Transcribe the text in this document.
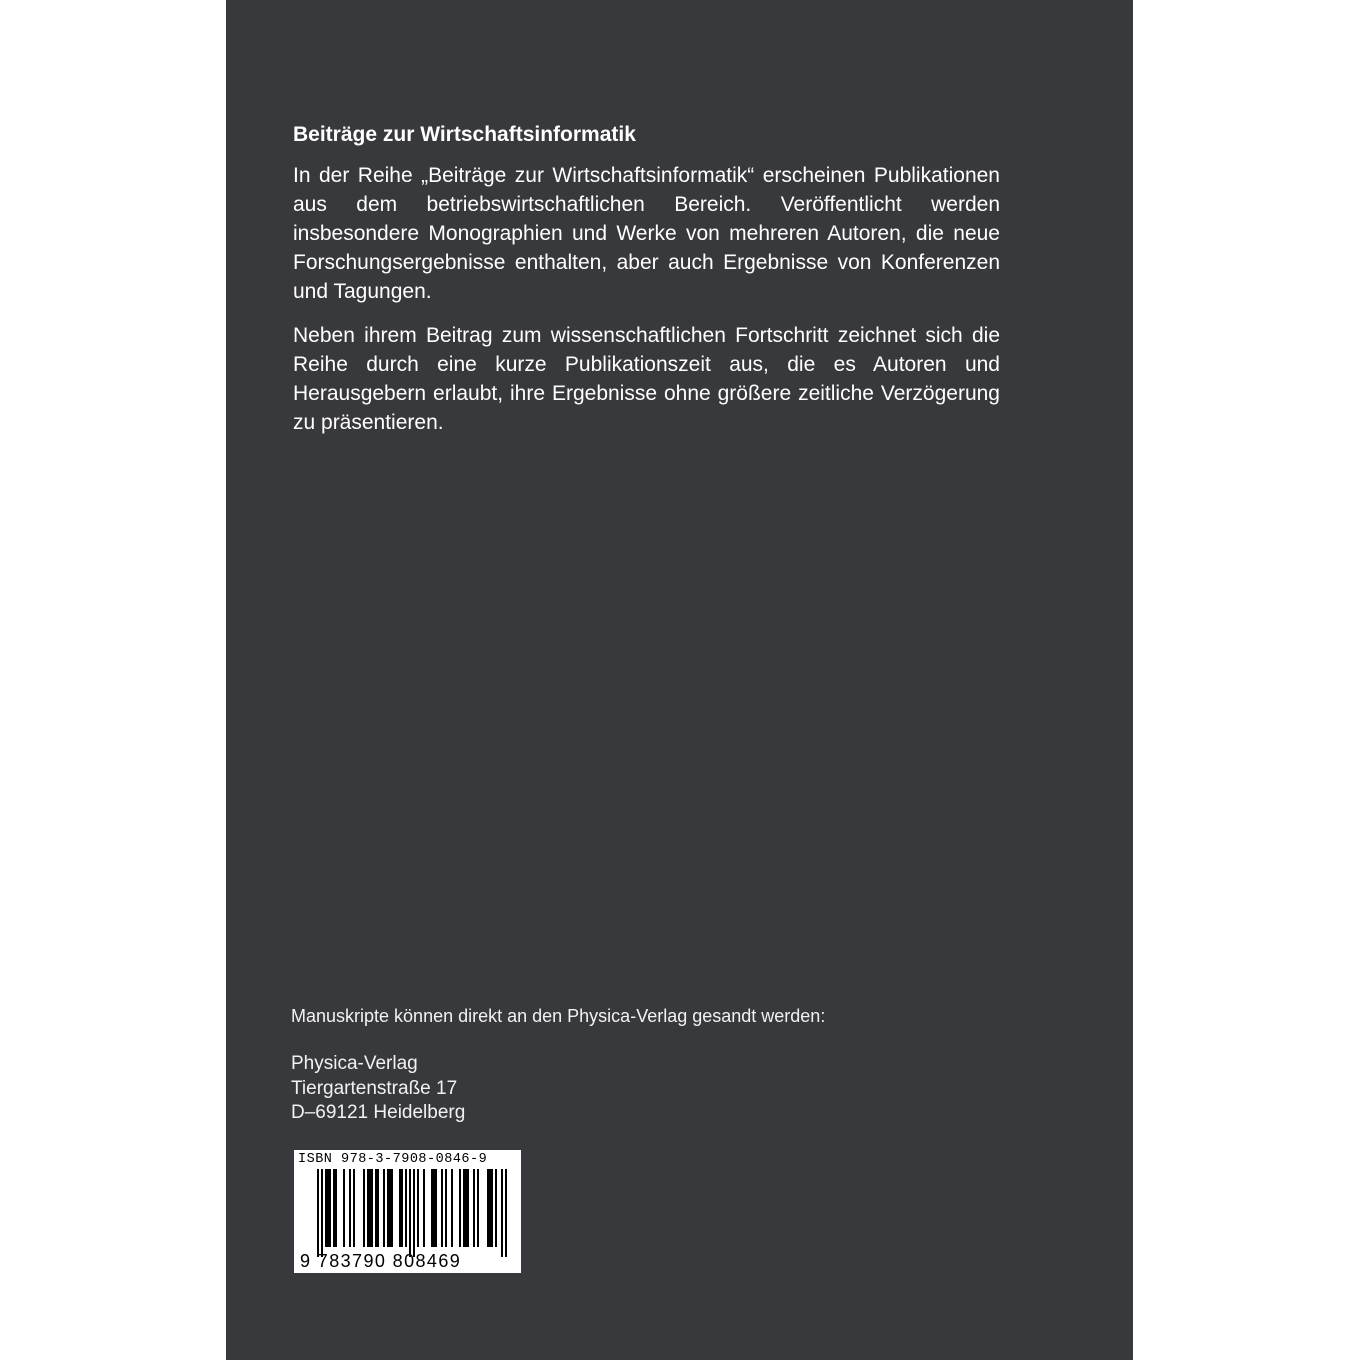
Beiträge zur Wirtschaftsinformatik

In der Reihe „Beiträge zur Wirtschaftsinformatik“ erscheinen Publikationen aus dem betriebswirtschaftlichen Bereich. Veröffentlicht werden insbesondere Monographien und Werke von mehreren Autoren, die neue Forschungsergebnisse enthalten, aber auch Ergebnisse von Konferenzen und Tagungen.

Neben ihrem Beitrag zum wissenschaftlichen Fortschritt zeichnet sich die Reihe durch eine kurze Publikationszeit aus, die es Autoren und Herausgebern erlaubt, ihre Ergebnisse ohne größere zeitliche Verzögerung zu präsentieren.

Manuskripte können direkt an den Physica-Verlag gesandt werden:
Physica-Verlag
Tiergartenstraße 17
D–69121 Heidelberg
ISBN 978-3-7908-0846-9
9 783790 808469
